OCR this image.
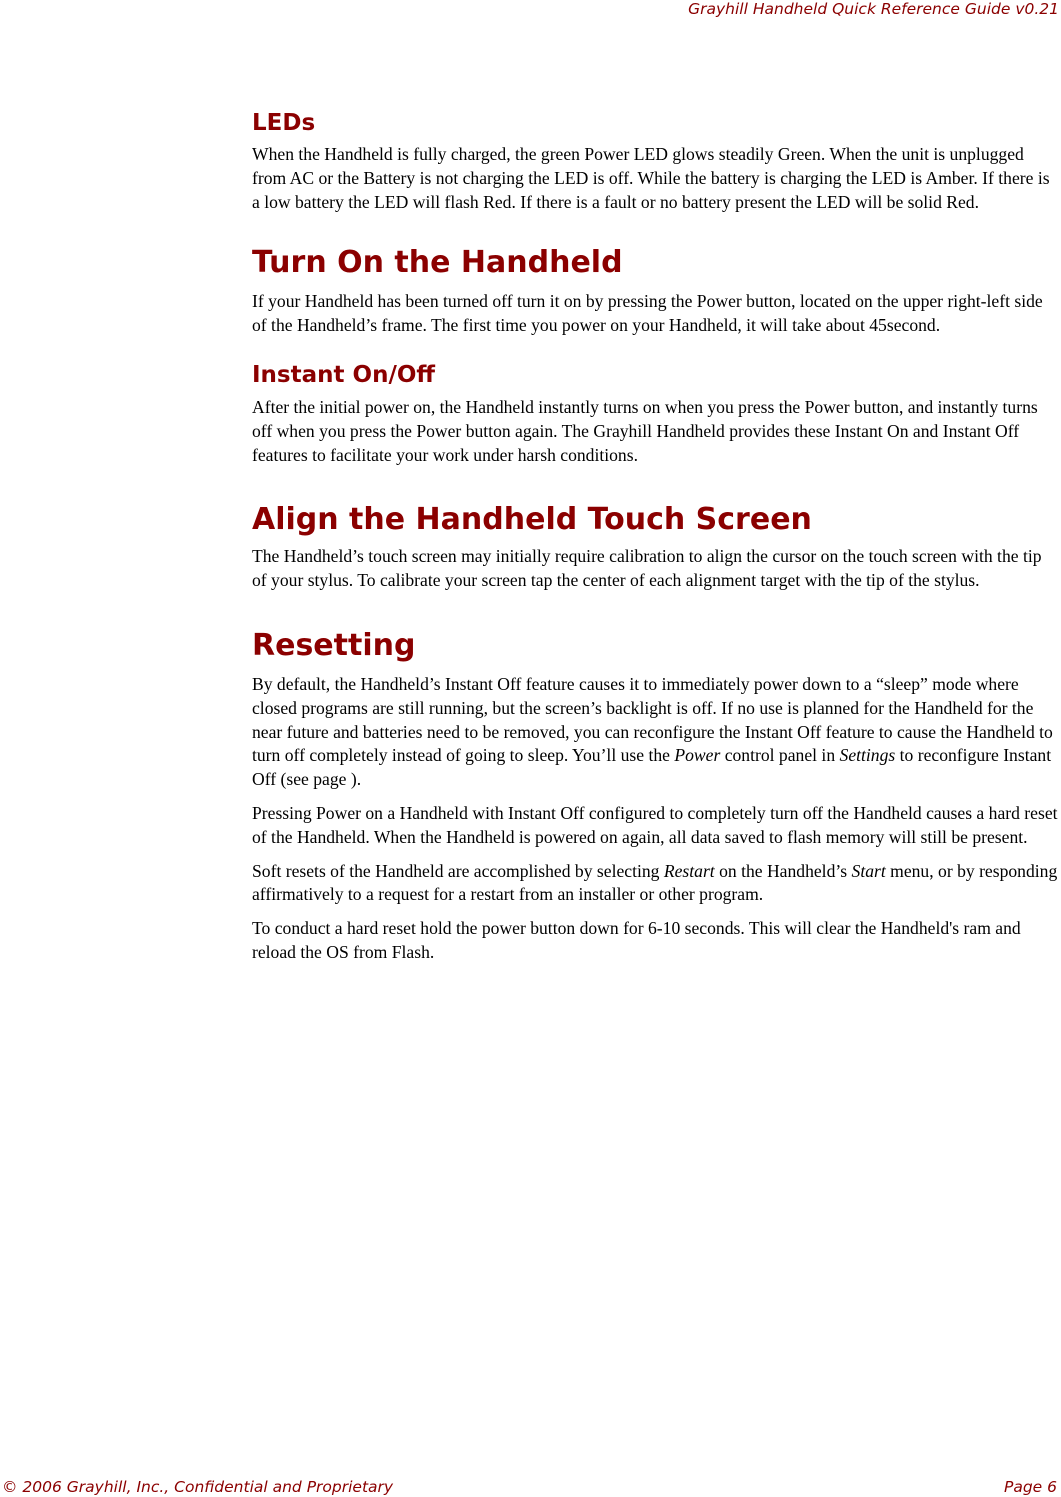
Grayhill Handheld Quick Reference Guide v0.21
LEDs

When the Handheld is fully charged, the green Power LED glows steadily Green. When the unit is unplugged from AC or the Battery is not charging the LED is off. While the battery is charging the LED is Amber. If there is a low battery the LED will flash Red. If there is a fault or no battery present the LED will be solid Red.

Turn On the Handheld

If your Handheld has been turned off turn it on by pressing the Power button, located on the upper right-left side of the Handheld’s frame. The first time you power on your Handheld, it will take about 45second.

Instant On/Off

After the initial power on, the Handheld instantly turns on when you press the Power button, and instantly turns off when you press the Power button again. The Grayhill Handheld provides these Instant On and Instant Off features to facilitate your work under harsh conditions.

Align the Handheld Touch Screen

The Handheld’s touch screen may initially require calibration to align the cursor on the touch screen with the tip of your stylus. To calibrate your screen tap the center of each alignment target with the tip of the stylus.

Resetting

By default, the Handheld’s Instant Off feature causes it to immediately power down to a “sleep” mode where closed programs are still running, but the screen’s backlight is off. If no use is planned for the Handheld for the near future and batteries need to be removed, you can reconfigure the Instant Off feature to cause the Handheld to turn off completely instead of going to sleep. You’ll use the Power control panel in Settings to reconfigure Instant Off (see page ).

Pressing Power on a Handheld with Instant Off configured to completely turn off the Handheld causes a hard reset of the Handheld. When the Handheld is powered on again, all data saved to flash memory will still be present.

Soft resets of the Handheld are accomplished by selecting Restart on the Handheld’s Start menu, or by responding affirmatively to a request for a restart from an installer or other program.

To conduct a hard reset hold the power button down for 6-10 seconds. This will clear the Handheld's ram and reload the OS from Flash.

© 2006 Grayhill, Inc., Confidential and Proprietary	Page 6
